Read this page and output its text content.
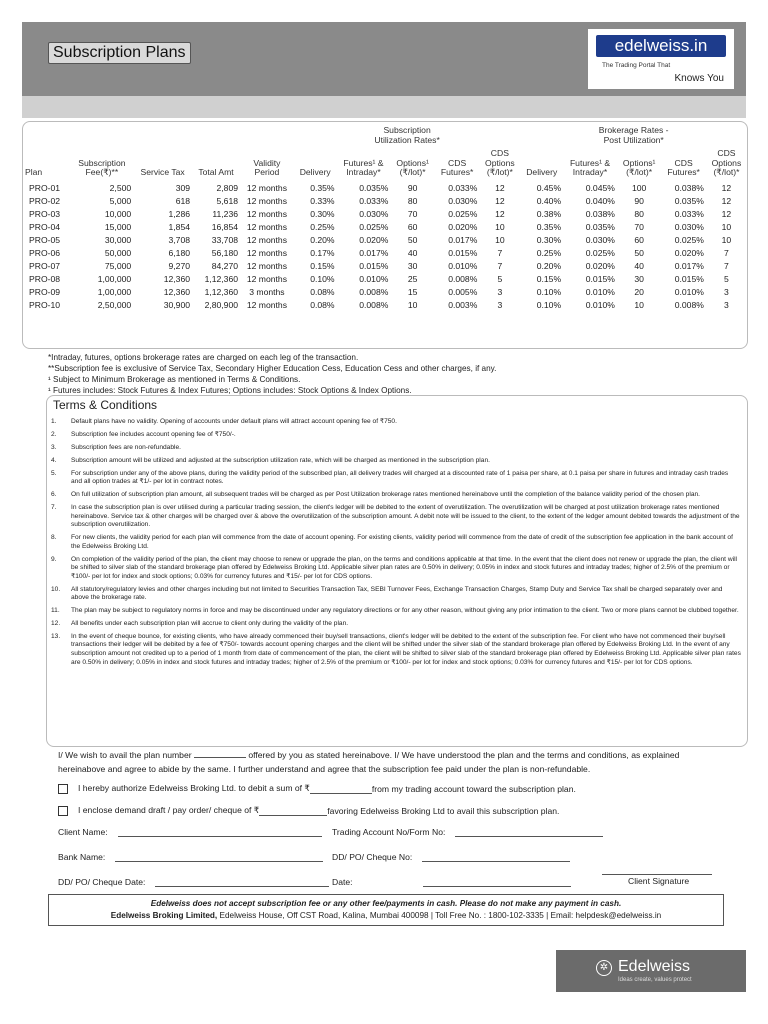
Subscription Plans	edelweiss.in
The Trading Portal That
Knows You
					Subscription
Utilization Rates*					Brokerage Rates -
Post Utilization*				
Plan	Subscription
Fee(₹)**	Service Tax	Total Amt	Validity
Period	Delivery	Futures¹ &
Intraday*	Options¹
(₹/lot)*	CDS
Futures*	CDS
Options
(₹/lot)*	Delivery	Futures¹ &
Intraday*	Options¹
(₹/lot)*	CDS
Futures*	CDS
Options
(₹/lot)*
PRO-01	2,500	309	2,809	12 months	0.35%	0.035%	90	0.033%	12	0.45%	0.045%	100	0.038%	12
PRO-02	5,000	618	5,618	12 months	0.33%	0.033%	80	0.030%	12	0.40%	0.040%	90	0.035%	12
PRO-03	10,000	1,286	11,236	12 months	0.30%	0.030%	70	0.025%	12	0.38%	0.038%	80	0.033%	12
PRO-04	15,000	1,854	16,854	12 months	0.25%	0.025%	60	0.020%	10	0.35%	0.035%	70	0.030%	10
PRO-05	30,000	3,708	33,708	12 months	0.20%	0.020%	50	0.017%	10	0.30%	0.030%	60	0.025%	10
PRO-06	50,000	6,180	56,180	12 months	0.17%	0.017%	40	0.015%	7	0.25%	0.025%	50	0.020%	7
PRO-07	75,000	9,270	84,270	12 months	0.15%	0.015%	30	0.010%	7	0.20%	0.020%	40	0.017%	7
PRO-08	1,00,000	12,360	1,12,360	12 months	0.10%	0.010%	25	0.008%	5	0.15%	0.015%	30	0.015%	5
PRO-09	1,00,000	12,360	1,12,360	3 months	0.08%	0.008%	15	0.005%	3	0.10%	0.010%	20	0.010%	3
PRO-10	2,50,000	30,900	2,80,900	12 months	0.08%	0.008%	10	0.003%	3	0.10%	0.010%	10	0.008%	3
*Intraday, futures, options brokerage rates are charged on each leg of the transaction.
**Subscription fee is exclusive of Service Tax, Secondary Higher Education Cess, Education Cess and other charges, if any.
¹ Subject to Minimum Brokerage as mentioned in Terms & Conditions.
¹ Futures includes: Stock Futures & Index Futures; Options includes: Stock Options & Index Options.
Terms & Conditions
1.	Default plans have no validity. Opening of accounts under default plans will attract account opening fee of ₹750.
2.	Subscription fee includes account opening fee of ₹750/-.
3.	Subscription fees are non-refundable.
4.	Subscription amount will be utilized and adjusted at the subscription utilization rate, which will be charged as mentioned in the subscription plan.
5.	For subscription under any of the above plans, during the validity period of the subscribed plan, all delivery trades will charged at a discounted rate of 1 paisa per share, at 0.1 paisa per share in futures and intraday cash trades and all option trades at ₹1/- per lot in contract notes.
6.	On full utilization of subscription plan amount, all subsequent trades will be charged as per Post Utilization brokerage rates mentioned hereinabove until the completion of the balance validity period of the chosen plan.
7.	In case the subscription plan is over utilised during a particular trading session, the client's ledger will be debited to the extent of overutilization. The overutilization will be charged at post utilization brokerage rates mentioned hereinabove. Service tax & other charges will be charged over & above the overutilization of the subscription amount. A debit note will be issued to the client, to the extent of the ledger amount debited towards the adjustment of the subscription overutilization.
8.	For new clients, the validity period for each plan will commence from the date of account opening. For existing clients, validity period will commence from the date of credit of the subscription fee application in the bank account of the Edelweiss Broking Ltd.
9.	On completion of the validity period of the plan, the client may choose to renew or upgrade the plan, on the terms and conditions applicable at that time. In the event that the client does not renew or upgrade the plan, the client will be shifted to silver slab of the standard brokerage plan offered by Edelweiss Broking Ltd. Applicable silver plan rates are 0.50% in delivery; 0.05% in index and stock futures and intraday trades; higher of 2.5% of the premium or ₹100/- per lot for index and stock options; 0.03% for currency futures and ₹15/- per lot for CDS options.
10.	All statutory/regulatory levies and other charges including but not limited to Securities Transaction Tax, SEBI Turnover Fees, Exchange Transaction Charges, Stamp Duty and Service Tax shall be charged separately over and above the brokerage rate.
11.	The plan may be subject to regulatory norms in force and may be discontinued under any regulatory directions or for any other reason, without giving any prior intimation to the client. Two or more plans cannot be clubbed together.
12.	All benefits under each subscription plan will accrue to client only during the validity of the plan.
13.	In the event of cheque bounce, for existing clients, who have already commenced their buy/sell transactions, client's ledger will be debited to the extent of the subscription fee. For client who have not commenced their buy/sell transactions their ledger will be debited by a fee of ₹750/- towards account opening charges and the client will be shifted under the silver slab of the standard brokerage plan offered by Edelweiss Broking Ltd. In the event of any subscription amount not credited up to a period of 1 month from date of commencement of the plan, the client will be shifted to silver slab of the standard brokerage plan offered by Edelweiss Broking Ltd. Applicable silver plan rates are 0.50% in delivery; 0.05% in index and stock futures and intraday trades; higher of 2.5% of the premium or ₹100/- per lot for index and stock options; 0.03% for currency futures and ₹15/- per lot for CDS options.
I/ We wish to avail the plan number	offered by you as stated hereinabove. I/ We have understood the plan and the terms and conditions, as explained hereinabove and agree to abide by the same. I further understand and agree that the subscription fee paid under the plan is non-refundable.
I hereby authorize Edelweiss Broking Ltd. to debit a sum of ₹	from my trading account toward the subscription plan.
I enclose demand draft / pay order/ cheque of ₹	favoring Edelweiss Broking Ltd to avail this subscription plan.
Client Name:	Trading Account No/Form No:
Bank Name:	DD/ PO/ Cheque No:
DD/ PO/ Cheque Date:	Date:	Client Signature
Edelweiss does not accept subscription fee or any other fee/payments in cash. Please do not make any payment in cash.
Edelweiss Broking Limited, Edelweiss House, Off CST Road, Kalina, Mumbai 400098 | Toll Free No. : 1800-102-3335 | Email: helpdesk@edelweiss.in
✲ Edelweiss
Ideas create, values protect
